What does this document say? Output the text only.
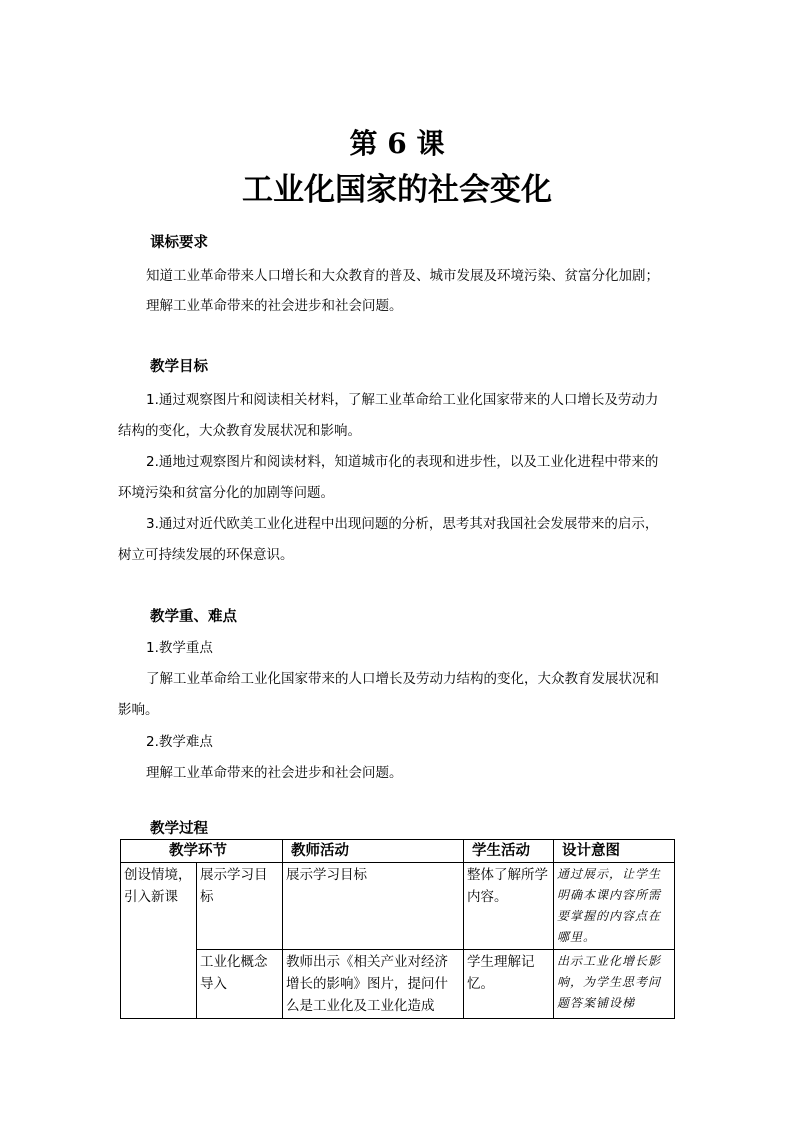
第 6 课
工业化国家的社会变化
课标要求
知道工业革命带来人口增长和大众教育的普及、城市发展及环境污染、贫富分化加剧；
理解工业革命带来的社会进步和社会问题。
教学目标
1.通过观察图片和阅读相关材料，了解工业革命给工业化国家带来的人口增长及劳动力
结构的变化，大众教育发展状况和影响。
2.通地过观察图片和阅读材料，知道城市化的表现和进步性，以及工业化进程中带来的
环境污染和贫富分化的加剧等问题。
3.通过对近代欧美工业化进程中出现问题的分析，思考其对我国社会发展带来的启示，
树立可持续发展的环保意识。
教学重、难点
1.教学重点
了解工业革命给工业化国家带来的人口增长及劳动力结构的变化，大众教育发展状况和
影响。
2.教学难点
理解工业革命带来的社会进步和社会问题。
教学过程
教学环节		教师活动	学生活动	设计意图
创设情境，引入新课	展示学习目标	展示学习目标	整体了解所学内容。	通过展示，让学生明确本课内容所需要掌握的内容点在哪里。
	工业化概念导入	教师出示《相关产业对经济增长的影响》图片，提问什么是工业化及工业化造成	学生理解记忆。	出示工业化增长影响，为学生思考问题答案铺设梯
